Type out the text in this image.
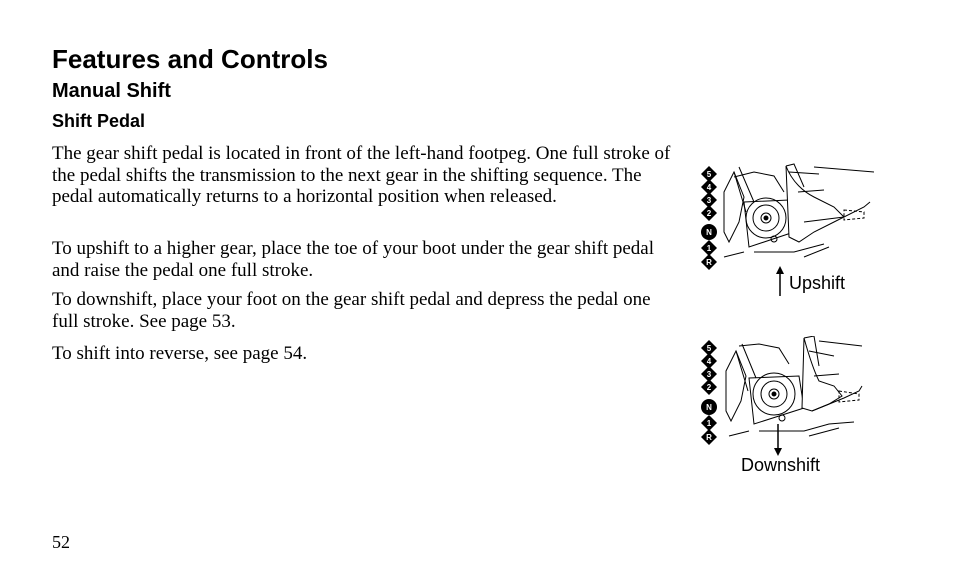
Features and Controls
Manual Shift
Shift Pedal
The gear shift pedal is located in front of the left-hand footpeg. One full stroke of the pedal shifts the transmission to the next gear in the shifting sequence. The pedal automatically returns to a horizontal position when released.
To upshift to a higher gear, place the toe of your boot under the gear shift pedal and raise the pedal one full stroke.
To downshift, place your foot on the gear shift pedal and depress the pedal one full stroke. See page 53.
To shift into reverse, see page 54.
5
4
3
2
N
1
R
Upshift
5
4
3
2
N
1
R
Downshift
52
